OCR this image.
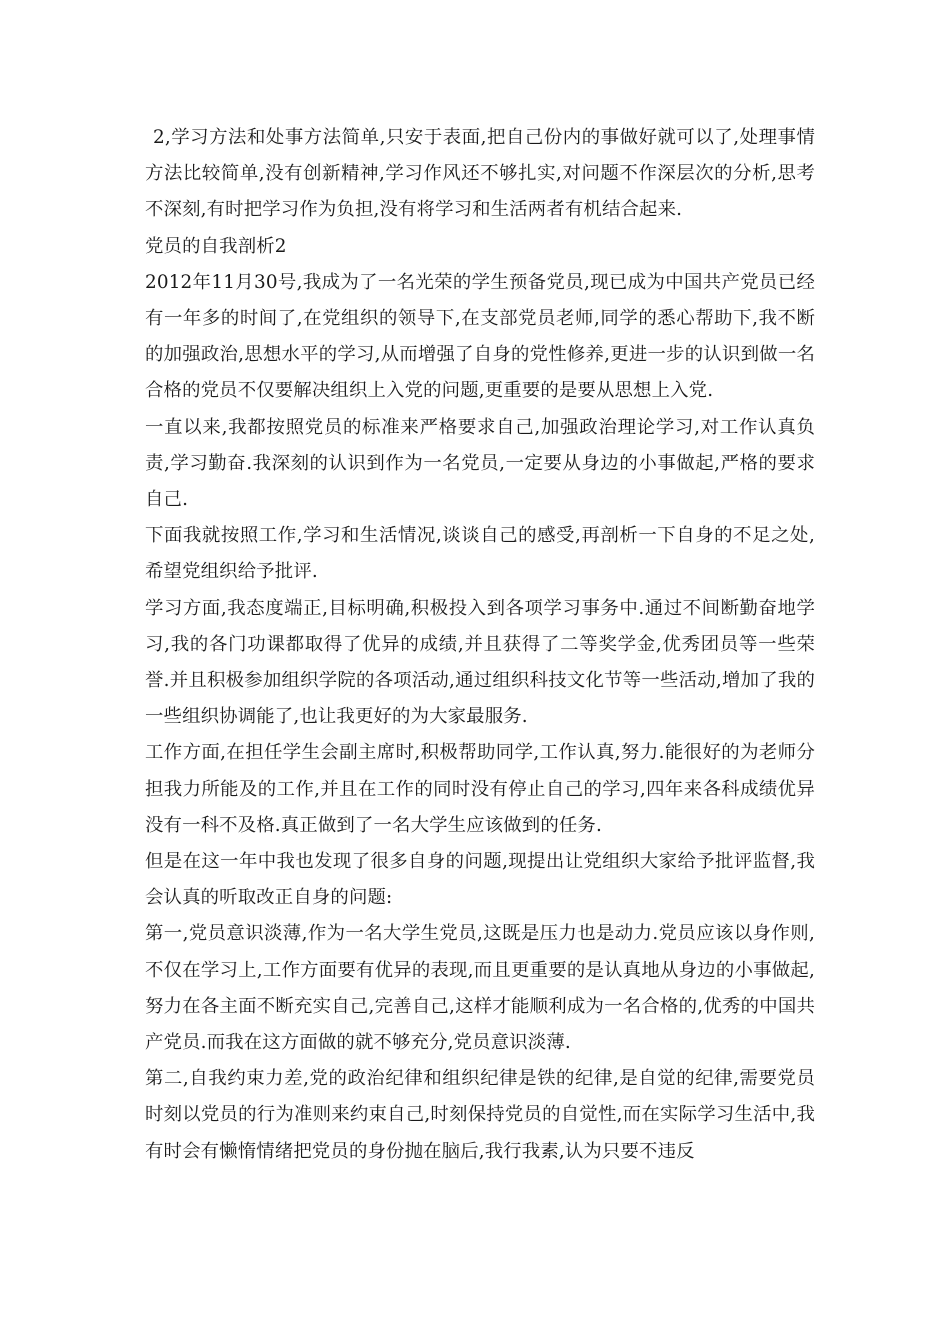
2,学习方法和处事方法简单,只安于表面,把自己份内的事做好就可以了,处理事情方法比较简单,没有创新精神,学习作风还不够扎实,对问题不作深层次的分析,思考不深刻,有时把学习作为负担,没有将学习和生活两者有机结合起来.

党员的自我剖析2

2012年11月30号,我成为了一名光荣的学生预备党员,现已成为中国共产党员已经有一年多的时间了,在党组织的领导下,在支部党员老师,同学的悉心帮助下,我不断的加强政治,思想水平的学习,从而增强了自身的党性修养,更进一步的认识到做一名合格的党员不仅要解决组织上入党的问题,更重要的是要从思想上入党.

一直以来,我都按照党员的标准来严格要求自己,加强政治理论学习,对工作认真负责,学习勤奋.我深刻的认识到作为一名党员,一定要从身边的小事做起,严格的要求自己.

下面我就按照工作,学习和生活情况,谈谈自己的感受,再剖析一下自身的不足之处,希望党组织给予批评.

学习方面,我态度端正,目标明确,积极投入到各项学习事务中.通过不间断勤奋地学习,我的各门功课都取得了优异的成绩,并且获得了二等奖学金,优秀团员等一些荣誉.并且积极参加组织学院的各项活动,通过组织科技文化节等一些活动,增加了我的一些组织协调能了,也让我更好的为大家最服务.

工作方面,在担任学生会副主席时,积极帮助同学,工作认真,努力.能很好的为老师分担我力所能及的工作,并且在工作的同时没有停止自己的学习,四年来各科成绩优异没有一科不及格.真正做到了一名大学生应该做到的任务.

但是在这一年中我也发现了很多自身的问题,现提出让党组织大家给予批评监督,我会认真的听取改正自身的问题:

第一,党员意识淡薄,作为一名大学生党员,这既是压力也是动力.党员应该以身作则,不仅在学习上,工作方面要有优异的表现,而且更重要的是认真地从身边的小事做起,努力在各主面不断充实自己,完善自己,这样才能顺利成为一名合格的,优秀的中国共产党员.而我在这方面做的就不够充分,党员意识淡薄.

第二,自我约束力差,党的政治纪律和组织纪律是铁的纪律,是自觉的纪律,需要党员时刻以党员的行为准则来约束自己,时刻保持党员的自觉性,而在实际学习生活中,我有时会有懒惰情绪把党员的身份抛在脑后,我行我素,认为只要不违反
